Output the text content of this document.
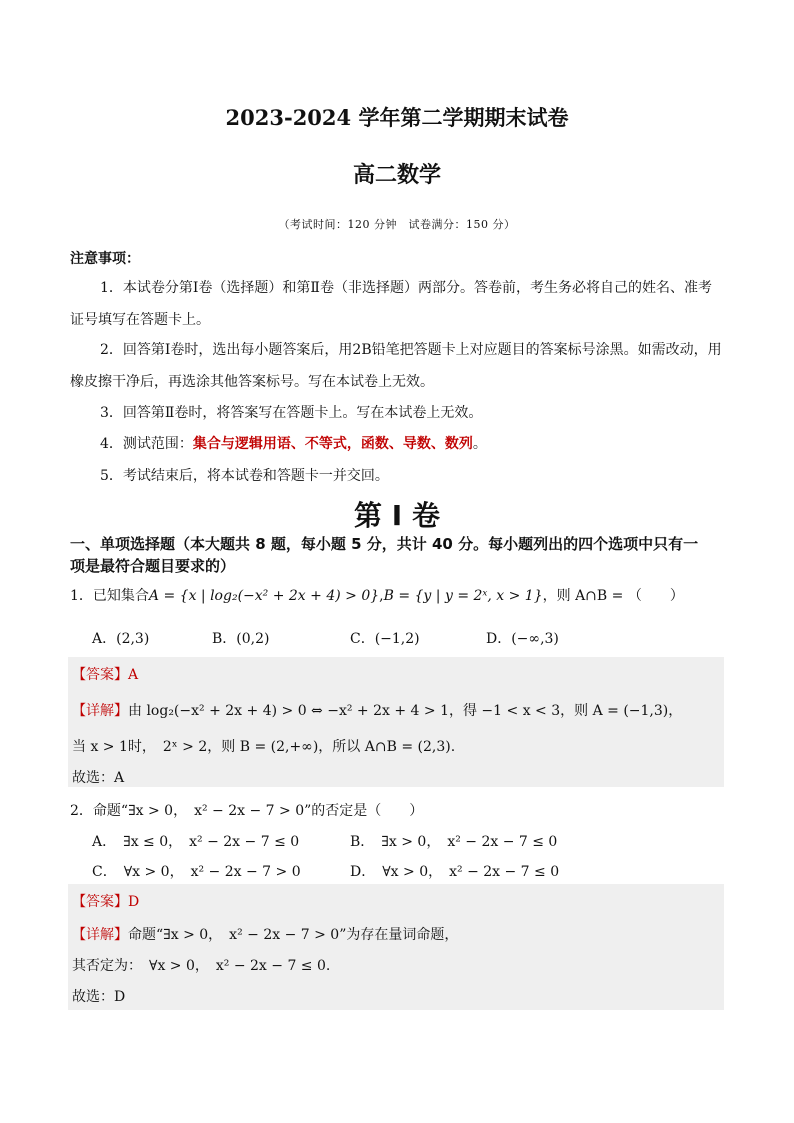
2023-2024 学年第二学期期末试卷
高二数学
（考试时间：120 分钟　试卷满分：150 分）
注意事项：
1．本试卷分第Ⅰ卷（选择题）和第Ⅱ卷（非选择题）两部分。答卷前，考生务必将自己的姓名、准考
证号填写在答题卡上。
2．回答第Ⅰ卷时，选出每小题答案后，用2B铅笔把答题卡上对应题目的答案标号涂黑。如需改动，用
橡皮擦干净后，再选涂其他答案标号。写在本试卷上无效。
3．回答第Ⅱ卷时，将答案写在答题卡上。写在本试卷上无效。
4．测试范围：集合与逻辑用语、不等式，函数、导数、数列。
5．考试结束后，将本试卷和答题卡一并交回。
第 I 卷
一、单项选择题（本大题共 8 题，每小题 5 分，共计 40 分。每小题列出的四个选项中只有一
项是最符合题目要求的）
1．已知集合A = {x | log₂(−x² + 2x + 4) > 0},B = {y | y = 2ˣ, x > 1}，则 A∩B = （　　）
A．(2,3)	B．(0,2)	C．(−1,2)	D．(−∞,3)
【答案】A
【详解】由 log₂(−x² + 2x + 4) > 0 ⇔ −x² + 2x + 4 > 1，得 −1 < x < 3，则 A = (−1,3)，
当 x > 1时，　2ˣ > 2，则 B = (2,+∞)，所以 A∩B = (2,3).
故选：A
2．命题“∃x > 0，　x² − 2x − 7 > 0”的否定是（　　）
A．　∃x ≤ 0，　x² − 2x − 7 ≤ 0	B．　∃x > 0，　x² − 2x − 7 ≤ 0
C．　∀x > 0，　x² − 2x − 7 > 0	D．　∀x > 0，　x² − 2x − 7 ≤ 0
【答案】D
【详解】命题“∃x > 0，　x² − 2x − 7 > 0”为存在量词命题，
其否定为：　∀x > 0，　x² − 2x − 7 ≤ 0.
故选：D
